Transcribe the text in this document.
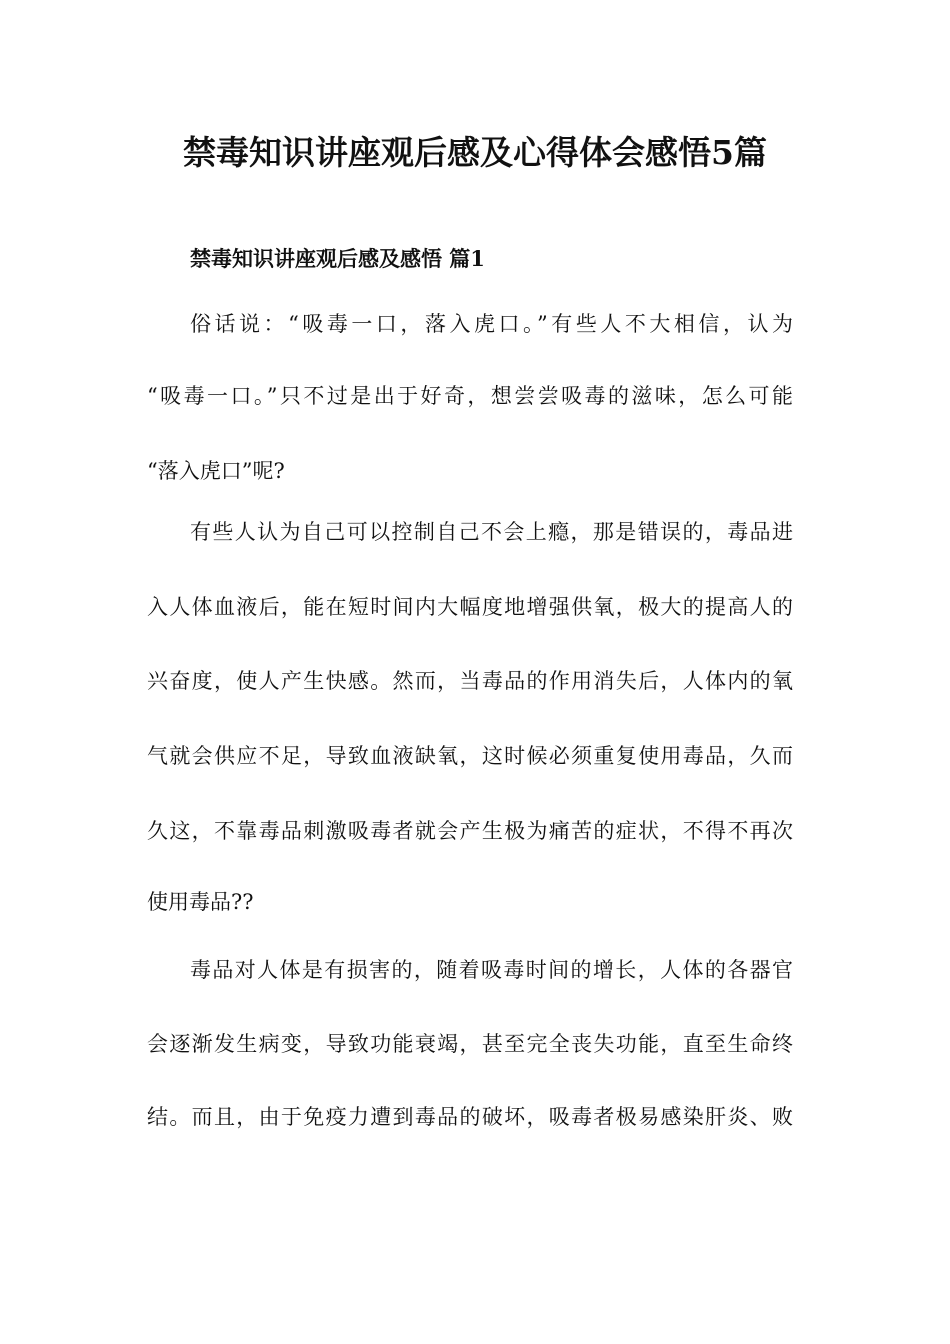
禁毒知识讲座观后感及心得体会感悟5篇
禁毒知识讲座观后感及感悟 篇1
俗话说：“吸毒一口，落入虎口。”有些人不大相信，认为
“吸毒一口。”只不过是出于好奇，想尝尝吸毒的滋味，怎么可能
“落入虎口”呢?
有些人认为自己可以控制自己不会上瘾，那是错误的，毒品进
入人体血液后，能在短时间内大幅度地增强供氧，极大的提高人的
兴奋度，使人产生快感。然而，当毒品的作用消失后，人体内的氧
气就会供应不足，导致血液缺氧，这时候必须重复使用毒品，久而
久这，不靠毒品刺激吸毒者就会产生极为痛苦的症状，不得不再次
使用毒品??
毒品对人体是有损害的，随着吸毒时间的增长，人体的各器官
会逐渐发生病变，导致功能衰竭，甚至完全丧失功能，直至生命终
结。而且，由于免疫力遭到毒品的破坏，吸毒者极易感染肝炎、败
